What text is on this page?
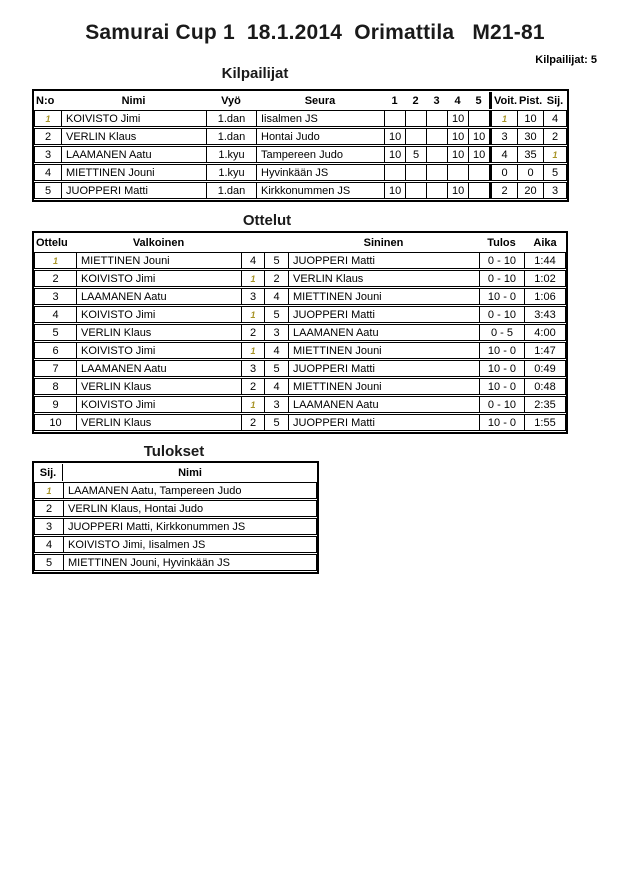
Samurai Cup 1  18.1.2014  Orimattila   M21-81
Kilpailijat: 5
Kilpailijat
N:o	Nimi	Vyö	Seura	1	2	3	4	5	Voit.	Pist.	Sij.
1	KOIVISTO Jimi	1.dan	Iisalmen JS				10		1	10	4
2	VERLIN Klaus	1.dan	Hontai Judo	10			10	10	3	30	2
3	LAAMANEN Aatu	1.kyu	Tampereen Judo	10	5		10	10	4	35	1
4	MIETTINEN Jouni	1.kyu	Hyvinkään JS						0	0	5
5	JUOPPERI Matti	1.dan	Kirkkonummen JS	10			10		2	20	3
Ottelut
Ottelu	Valkoinen			Sininen	Tulos	Aika
1	MIETTINEN Jouni	4	5	JUOPPERI Matti	0 - 10	1:44
2	KOIVISTO Jimi	1	2	VERLIN Klaus	0 - 10	1:02
3	LAAMANEN Aatu	3	4	MIETTINEN Jouni	10 - 0	1:06
4	KOIVISTO Jimi	1	5	JUOPPERI Matti	0 - 10	3:43
5	VERLIN Klaus	2	3	LAAMANEN Aatu	0 - 5	4:00
6	KOIVISTO Jimi	1	4	MIETTINEN Jouni	10 - 0	1:47
7	LAAMANEN Aatu	3	5	JUOPPERI Matti	10 - 0	0:49
8	VERLIN Klaus	2	4	MIETTINEN Jouni	10 - 0	0:48
9	KOIVISTO Jimi	1	3	LAAMANEN Aatu	0 - 10	2:35
10	VERLIN Klaus	2	5	JUOPPERI Matti	10 - 0	1:55
Tulokset
Sij.	Nimi
1	LAAMANEN Aatu, Tampereen Judo
2	VERLIN Klaus, Hontai Judo
3	JUOPPERI Matti, Kirkkonummen JS
4	KOIVISTO Jimi, Iisalmen JS
5	MIETTINEN Jouni, Hyvinkään JS
